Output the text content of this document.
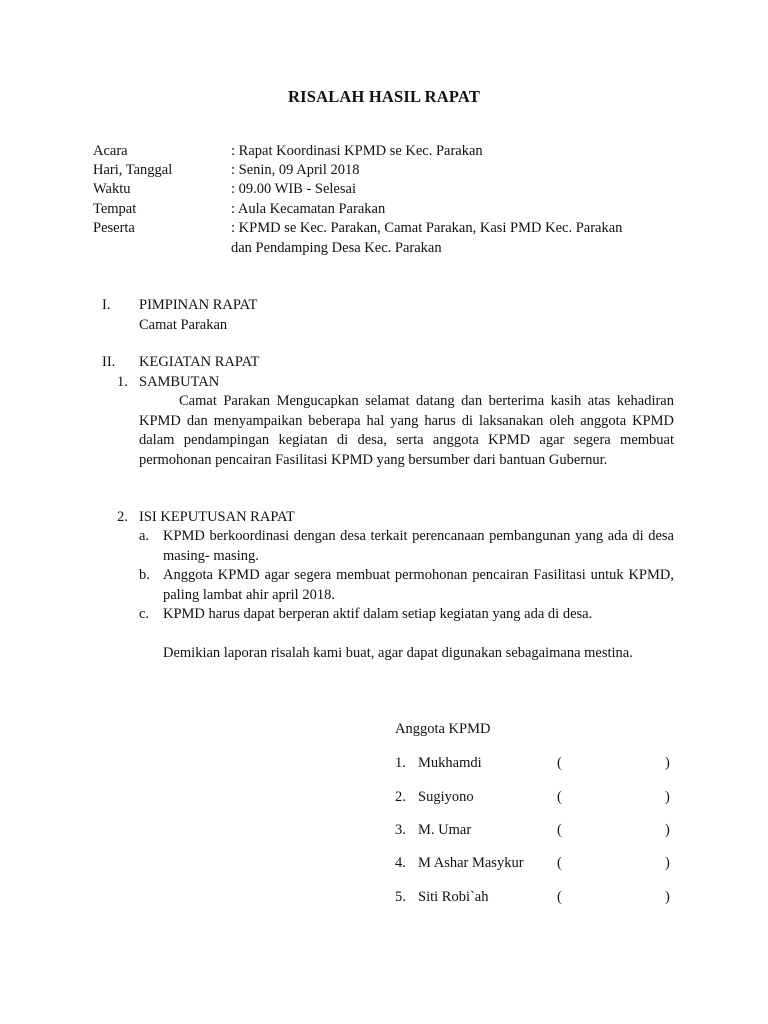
RISALAH HASIL RAPAT
Acara	: Rapat Koordinasi KPMD se Kec. Parakan
Hari, Tanggal	: Senin, 09 April 2018
Waktu	: 09.00 WIB - Selesai
Tempat	: Aula Kecamatan Parakan
Peserta	: KPMD se Kec. Parakan, Camat Parakan, Kasi PMD Kec. Parakan
dan Pendamping Desa Kec. Parakan
I. PIMPINAN RAPAT
Camat Parakan
II. KEGIATAN RAPAT
1. SAMBUTAN
Camat Parakan Mengucapkan selamat datang dan berterima kasih atas kehadiran KPMD dan menyampaikan beberapa hal yang harus di laksanakan oleh anggota KPMD dalam pendampingan kegiatan di desa, serta anggota KPMD agar segera membuat permohonan pencairan Fasilitasi KPMD yang bersumber dari bantuan Gubernur.
2. ISI KEPUTUSAN RAPAT
a. KPMD berkoordinasi dengan desa terkait perencanaan pembangunan yang ada di desa masing- masing.
b. Anggota KPMD agar segera membuat permohonan pencairan Fasilitasi untuk KPMD, paling lambat ahir april 2018.
c. KPMD harus dapat berperan aktif dalam setiap kegiatan yang ada di desa.
Demikian laporan risalah kami buat, agar dapat digunakan sebagaimana mestina.
Anggota KPMD
1. Mukhamdi	(	)
2. Sugiyono	(	)
3. M. Umar	(	)
4. M Ashar Masykur (	)
5. Siti Robi`ah	(	)
